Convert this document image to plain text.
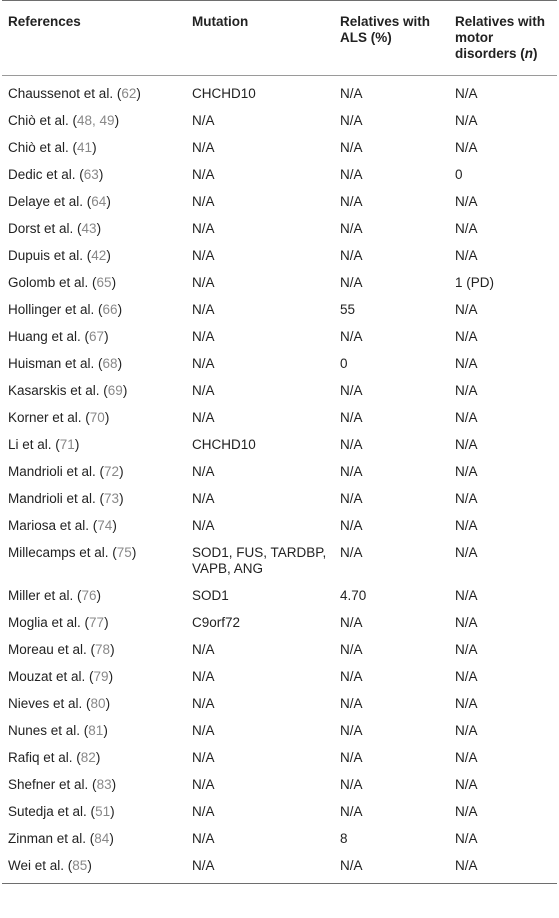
References	Mutation	Relatives with ALS (%)	Relatives with motor disorders (n)
Chaussenot et al. (62)	CHCHD10	N/A	N/A
Chiò et al. (48, 49)	N/A	N/A	N/A
Chiò et al. (41)	N/A	N/A	N/A
Dedic et al. (63)	N/A	N/A	0
Delaye et al. (64)	N/A	N/A	N/A
Dorst et al. (43)	N/A	N/A	N/A
Dupuis et al. (42)	N/A	N/A	N/A
Golomb et al. (65)	N/A	N/A	1 (PD)
Hollinger et al. (66)	N/A	55	N/A
Huang et al. (67)	N/A	N/A	N/A
Huisman et al. (68)	N/A	0	N/A
Kasarskis et al. (69)	N/A	N/A	N/A
Korner et al. (70)	N/A	N/A	N/A
Li et al. (71)	CHCHD10	N/A	N/A
Mandrioli et al. (72)	N/A	N/A	N/A
Mandrioli et al. (73)	N/A	N/A	N/A
Mariosa et al. (74)	N/A	N/A	N/A
Millecamps et al. (75)	SOD1, FUS, TARDBP, VAPB, ANG	N/A	N/A
Miller et al. (76)	SOD1	4.70	N/A
Moglia et al. (77)	C9orf72	N/A	N/A
Moreau et al. (78)	N/A	N/A	N/A
Mouzat et al. (79)	N/A	N/A	N/A
Nieves et al. (80)	N/A	N/A	N/A
Nunes et al. (81)	N/A	N/A	N/A
Rafiq et al. (82)	N/A	N/A	N/A
Shefner et al. (83)	N/A	N/A	N/A
Sutedja et al. (51)	N/A	N/A	N/A
Zinman et al. (84)	N/A	8	N/A
Wei et al. (85)	N/A	N/A	N/A
